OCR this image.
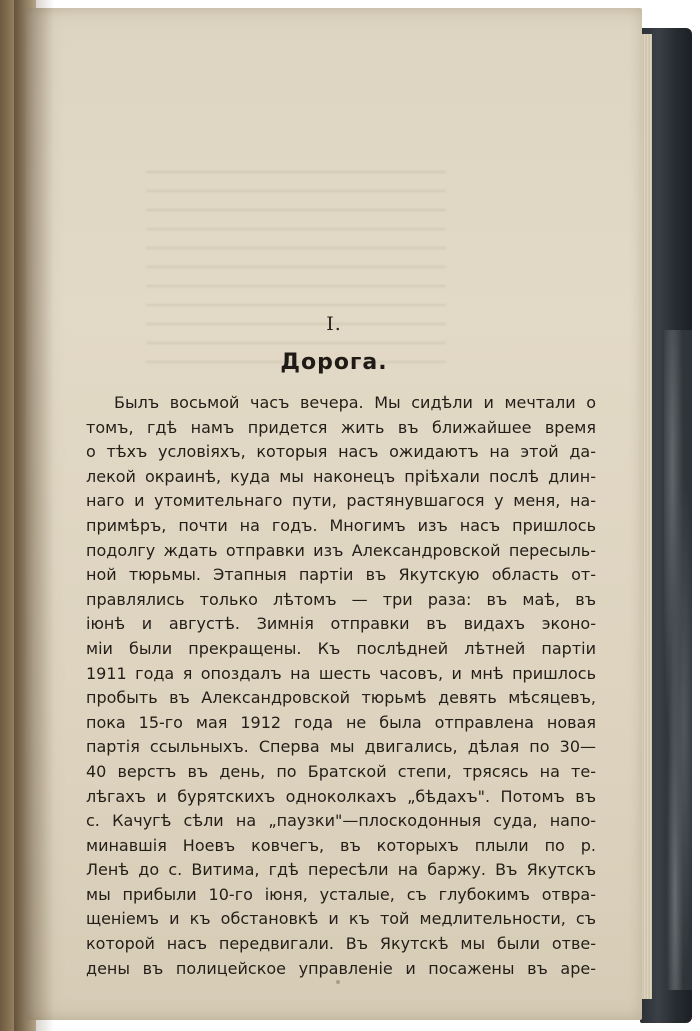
I.
Дорога.
Былъ восьмой часъ вечера. Мы сидѣли и мечтали о
томъ, гдѣ намъ придется жить въ ближайшее время
о тѣхъ условіяхъ, которыя насъ ожидаютъ на этой да-
лекой окраинѣ, куда мы наконецъ пріѣхали послѣ длин-
наго и утомительнаго пути, растянувшагося у меня, на-
примѣръ, почти на годъ. Многимъ изъ насъ пришлось
подолгу ждать отправки изъ Александровской пересыль-
ной тюрьмы. Этапныя партіи въ Якутскую область от-
правлялись только лѣтомъ — три раза: въ маѣ, въ
іюнѣ и августѣ. Зимнія отправки въ видахъ эконо-
міи были прекращены. Къ послѣдней лѣтней партіи
1911 года я опоздалъ на шесть часовъ, и мнѣ пришлось
пробыть въ Александровской тюрьмѣ девять мѣсяцевъ,
пока 15-го мая 1912 года не была отправлена новая
партія ссыльныхъ. Сперва мы двигались, дѣлая по 30—
40 верстъ въ день, по Братской степи, трясясь на те-
лѣгахъ и бурятскихъ одноколкахъ „бѣдахъ". Потомъ въ
с. Качугѣ сѣли на „паузки"—плоскодонныя суда, напо-
минавшія Ноевъ ковчегъ, въ которыхъ плыли по р.
Ленѣ до с. Витима, гдѣ пересѣли на баржу. Въ Якутскъ
мы прибыли 10-го іюня, усталые, съ глубокимъ отвра-
щеніемъ и къ обстановкѣ и къ той медлительности, съ
которой насъ передвигали. Въ Якутскѣ мы были отве-
дены въ полицейское управленіе и посажены въ аре-
